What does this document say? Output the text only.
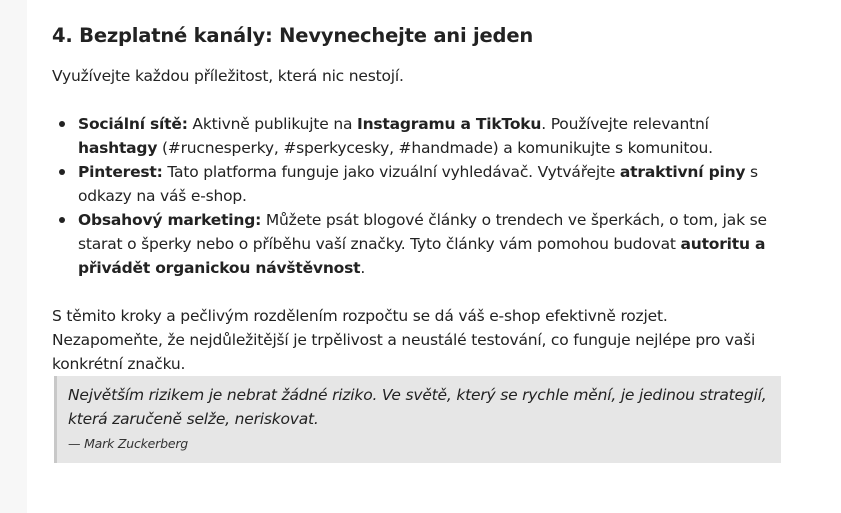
4. Bezplatné kanály: Nevynechejte ani jeden

Využívejte každou příležitost, která nic nestojí.

Sociální sítě: Aktivně publikujte na Instagramu a TikToku. Používejte relevantní hashtagy (#rucnesperky, #sperkycesky, #handmade) a komunikujte s komunitou.
Pinterest: Tato platforma funguje jako vizuální vyhledávač. Vytvářejte atraktivní piny s odkazy na váš e-shop.
Obsahový marketing: Můžete psát blogové články o trendech ve šperkách, o tom, jak se starat o šperky nebo o příběhu vaší značky. Tyto články vám pomohou budovat autoritu a přivádět organickou návštěvnost.

S těmito kroky a pečlivým rozdělením rozpočtu se dá váš e-shop efektivně rozjet. Nezapomeňte, že nejdůležitější je trpělivost a neustálé testování, co funguje nejlépe pro vaši konkrétní značku.

Největším rizikem je nebrat žádné riziko. Ve světě, který se rychle mění, je jedinou strategií, která zaručeně selže, neriskovat.

— Mark Zuckerberg
